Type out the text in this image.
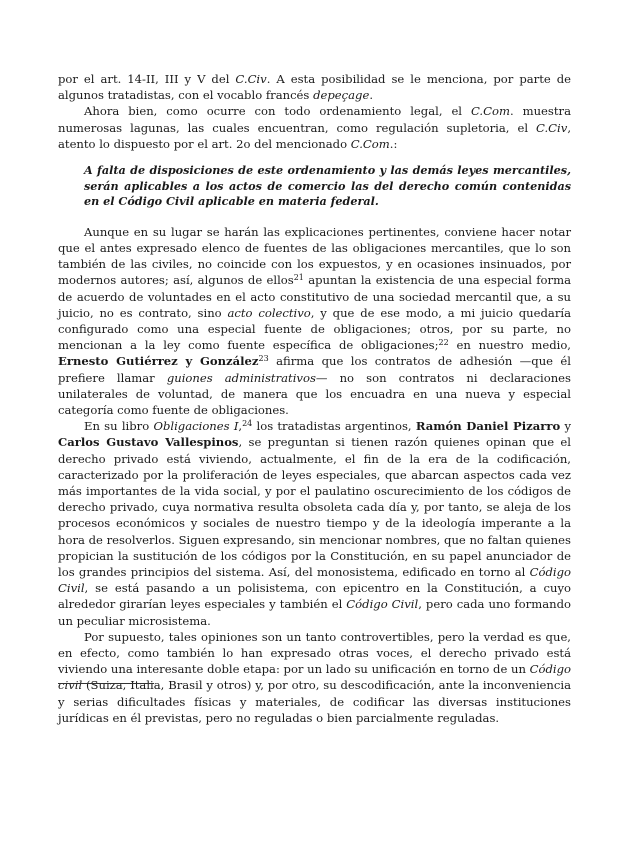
por el art. 14-II, III y V del C.Civ. A esta posibilidad se le menciona, por parte de algunos tratadistas, con el vocablo francés depeçage.

Ahora bien, como ocurre con todo ordenamiento legal, el C.Com. muestra numerosas lagunas, las cuales encuentran, como regulación supletoria, el C.Civ, atento lo dispuesto por el art. 2o del mencionado C.Com.:

A falta de disposiciones de este ordenamiento y las demás leyes mercantiles, serán aplicables a los actos de comercio las del derecho común contenidas en el Código Civil aplicable en materia federal.

Aunque en su lugar se harán las explicaciones pertinentes, conviene hacer notar que el antes expresado elenco de fuentes de las obligaciones mercantiles, que lo son también de las civiles, no coincide con los expuestos, y en ocasiones insinuados, por modernos autores; así, algunos de ellos$^{21}$ apuntan la existencia de una especial forma de acuerdo de voluntades en el acto constitutivo de una sociedad mercantil que, a su juicio, no es contrato, sino acto colectivo, y que de ese modo, a mi juicio quedaría configurado como una especial fuente de obligaciones; otros, por su parte, no mencionan a la ley como fuente específica de obligaciones;$^{22}$ en nuestro medio, Ernesto Gutiérrez y González$^{23}$ afirma que los contratos de adhesión —que él prefiere llamar guiones administrativos— no son contratos ni declaraciones unilaterales de voluntad, de manera que los encuadra en una nueva y especial categoría como fuente de obligaciones.

En su libro Obligaciones I,$^{24}$ los tratadistas argentinos, Ramón Daniel Pizarro y Carlos Gustavo Vallespinos, se preguntan si tienen razón quienes opinan que el derecho privado está viviendo, actualmente, el fin de la era de la codificación, caracterizado por la proliferación de leyes especiales, que abarcan aspectos cada vez más importantes de la vida social, y por el paulatino oscurecimiento de los códigos de derecho privado, cuya normativa resulta obsoleta cada día y, por tanto, se aleja de los procesos económicos y sociales de nuestro tiempo y de la ideología imperante a la hora de resolverlos. Siguen expresando, sin mencionar nombres, que no faltan quienes propician la sustitución de los códigos por la Constitución, en su papel anunciador de los grandes principios del sistema. Así, del monosistema, edificado en torno al Código Civil, se está pasando a un polisistema, con epicentro en la Constitución, a cuyo alrededor girarían leyes especiales y también el Código Civil, pero cada uno formando un peculiar microsistema.

Por supuesto, tales opiniones son un tanto controvertibles, pero la verdad es que, en efecto, como también lo han expresado otras voces, el derecho privado está viviendo una interesante doble etapa: por un lado su unificación en torno de un Código civil (Suiza, Italia, Brasil y otros) y, por otro, su descodificación, ante la inconveniencia y serias dificultades físicas y materiales, de codificar las diversas instituciones jurídicas en él previstas, pero no reguladas o bien parcialmente reguladas.
